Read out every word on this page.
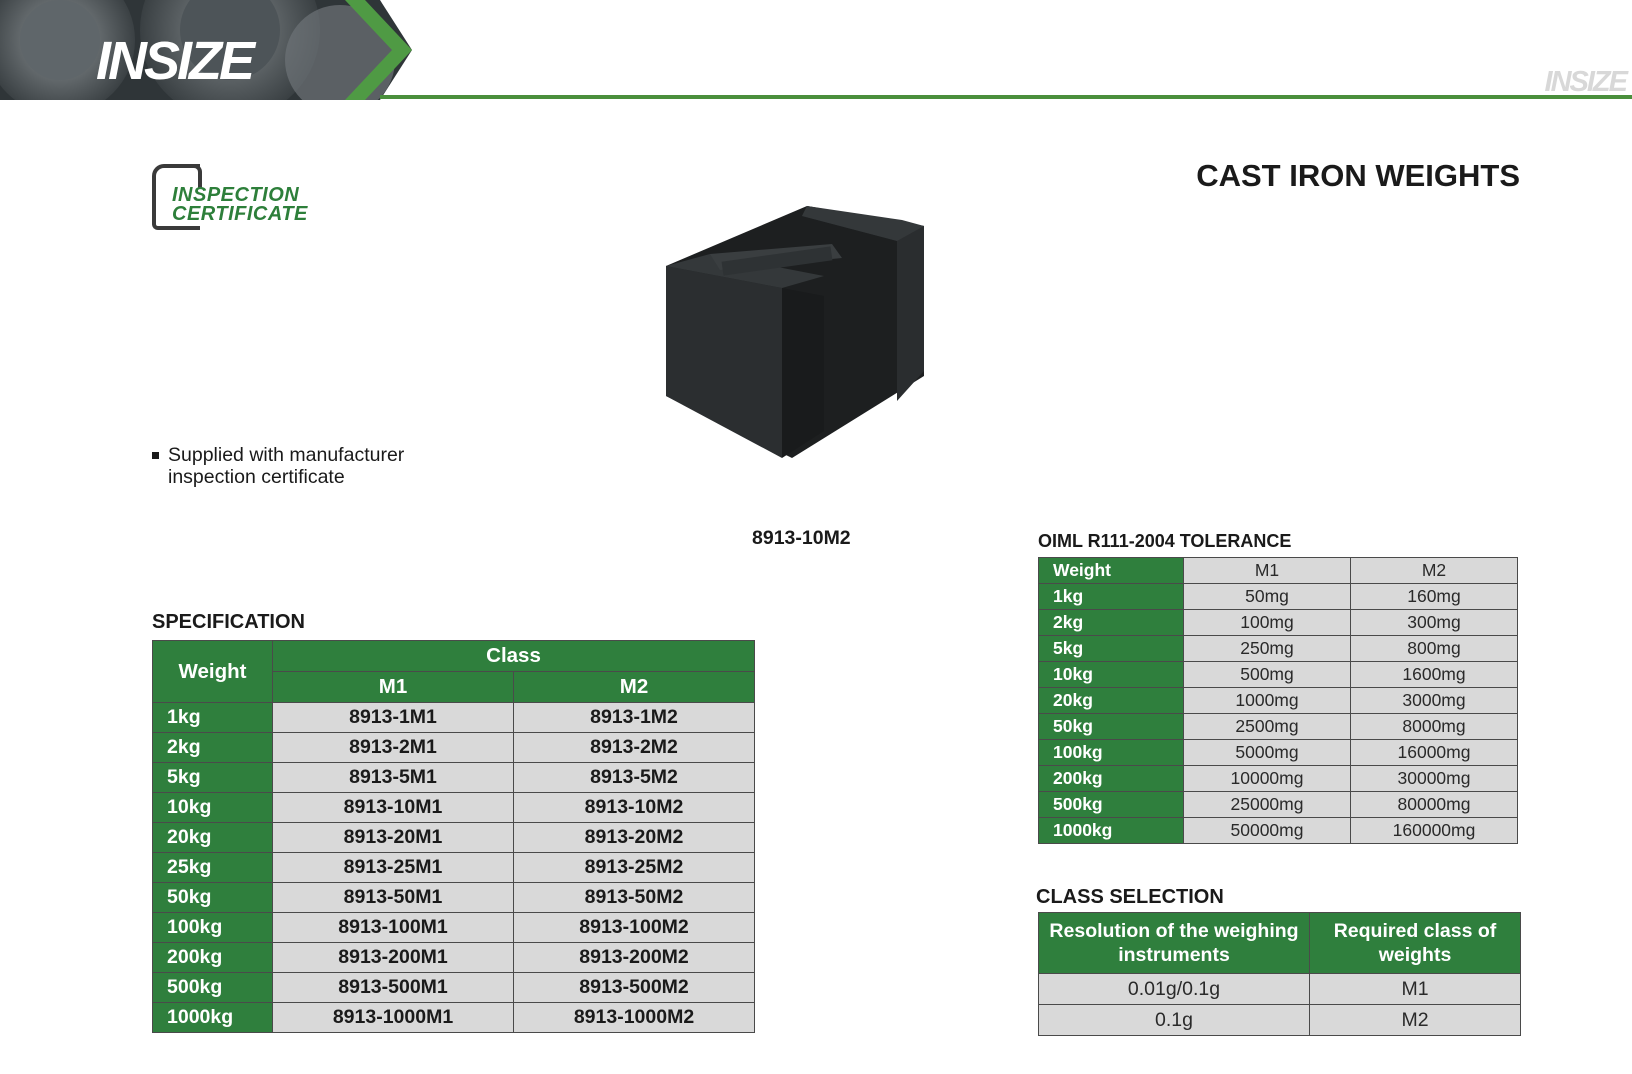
INSIZE	INSIZE
CAST IRON WEIGHTS
INSPECTION
CERTIFICATE
Supplied with manufacturer inspection certificate
8913-10M2
SPECIFICATION
Weight	Class	
	M1	M2
1kg	8913-1M1	8913-1M2
2kg	8913-2M1	8913-2M2
5kg	8913-5M1	8913-5M2
10kg	8913-10M1	8913-10M2
20kg	8913-20M1	8913-20M2
25kg	8913-25M1	8913-25M2
50kg	8913-50M1	8913-50M2
100kg	8913-100M1	8913-100M2
200kg	8913-200M1	8913-200M2
500kg	8913-500M1	8913-500M2
1000kg	8913-1000M1	8913-1000M2
OIML R111-2004 TOLERANCE
Weight	M1	M2
1kg	50mg	160mg
2kg	100mg	300mg
5kg	250mg	800mg
10kg	500mg	1600mg
20kg	1000mg	3000mg
50kg	2500mg	8000mg
100kg	5000mg	16000mg
200kg	10000mg	30000mg
500kg	25000mg	80000mg
1000kg	50000mg	160000mg
CLASS SELECTION
Resolution of the weighing instruments	Required class of weights
0.01g/0.1g	M1
0.1g	M2
